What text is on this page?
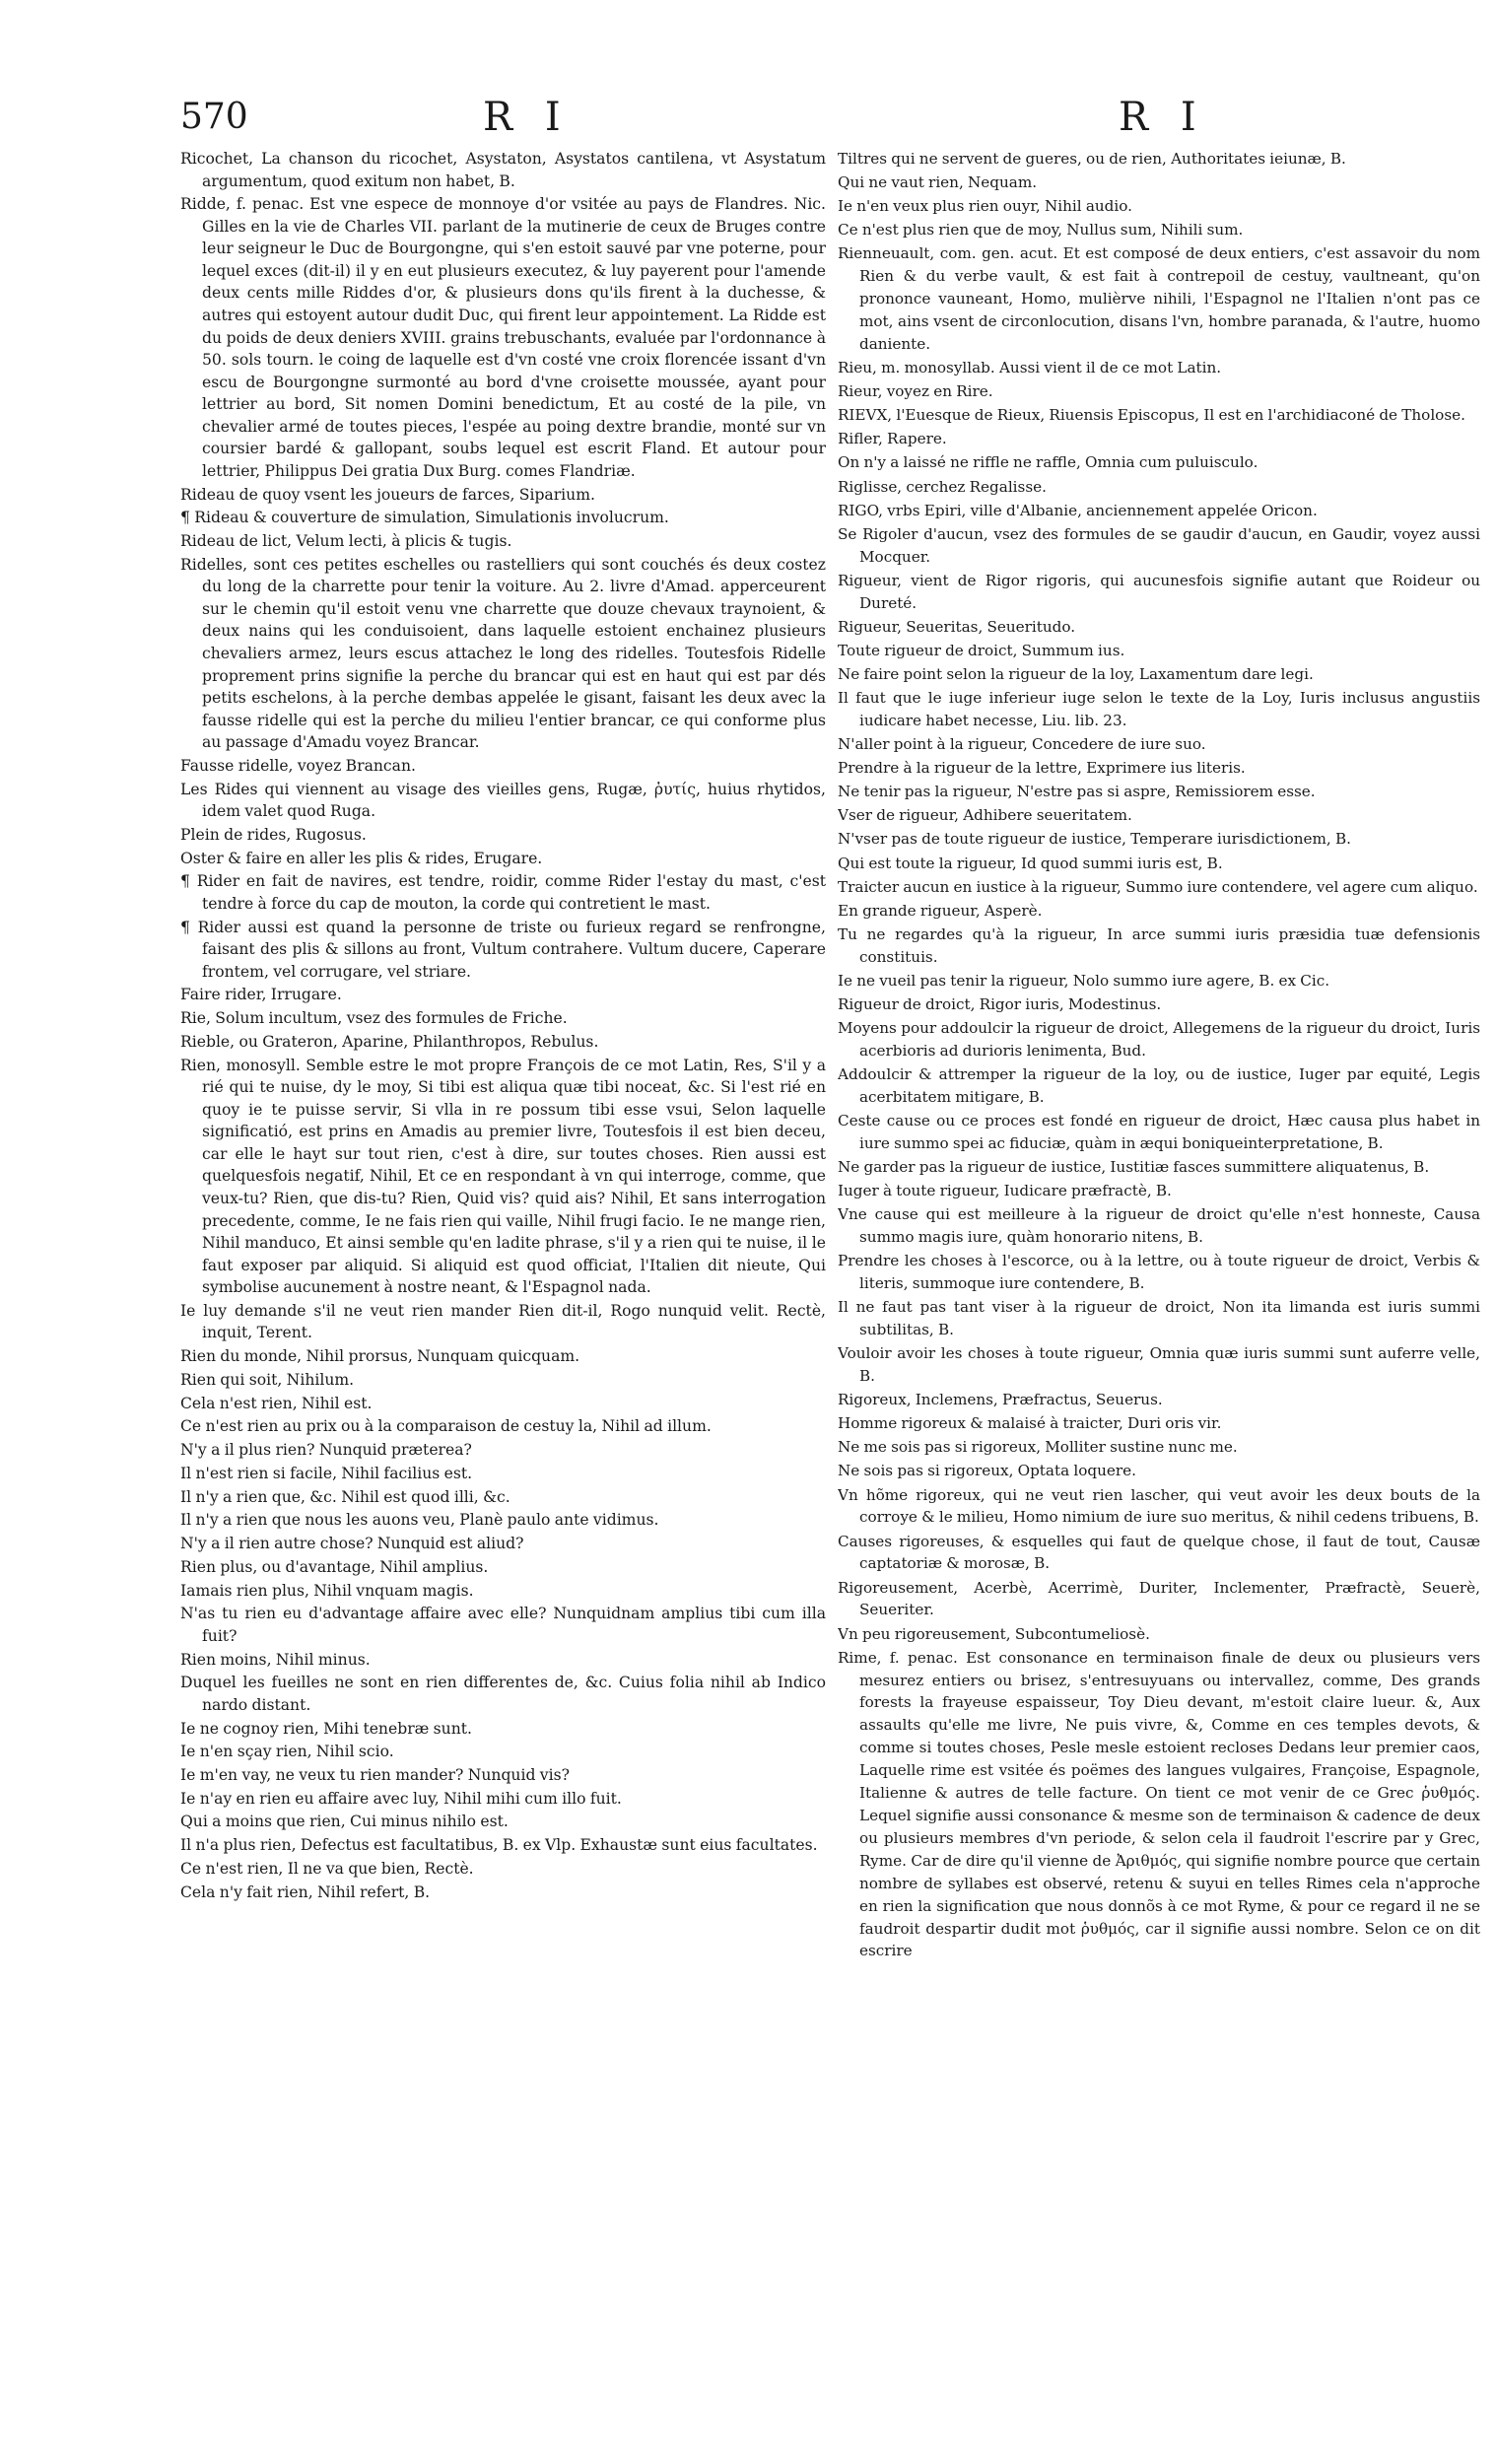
570	R I	R I

Ricochet, La chanson du ricochet, Asystaton, Asystatos cantilena, vt Asystatum argumentum, quod exitum non habet, B.

Ridde, f. penac. Est vne espece de monnoye d'or vsitée au pays de Flandres. Nic. Gilles en la vie de Charles VII. parlant de la mutinerie de ceux de Bruges contre leur seigneur le Duc de Bourgongne, qui s'en estoit sauvé par vne poterne, pour lequel exces (dit-il) il y en eut plusieurs executez, & luy payerent pour l'amende deux cents mille Riddes d'or, & plusieurs dons qu'ils firent à la duchesse, & autres qui estoyent autour dudit Duc, qui firent leur appointement. La Ridde est du poids de deux deniers XVIII. grains trebuschants, evaluée par l'ordonnance à 50. sols tourn. le coing de laquelle est d'vn costé vne croix florencée issant d'vn escu de Bourgongne surmonté au bord d'vne croisette moussée, ayant pour lettrier au bord, Sit nomen Domini benedictum, Et au costé de la pile, vn chevalier armé de toutes pieces, l'espée au poing dextre brandie, monté sur vn coursier bardé & gallopant, soubs lequel est escrit Fland. Et autour pour lettrier, Philippus Dei gratia Dux Burg. comes Flandriæ.

Rideau de quoy vsent les joueurs de farces, Siparium.

¶ Rideau & couverture de simulation, Simulationis involucrum.

Rideau de lict, Velum lecti, à plicis & tugis.

Ridelles, sont ces petites eschelles ou rastelliers qui sont couchés és deux costez du long de la charrette pour tenir la voiture. Au 2. livre d'Amad. apperceurent sur le chemin qu'il estoit venu vne charrette que douze chevaux traynoient, & deux nains qui les conduisoient, dans laquelle estoient enchainez plusieurs chevaliers armez, leurs escus attachez le long des ridelles. Toutesfois Ridelle proprement prins signifie la perche du brancar qui est en haut qui est par dés petits eschelons, à la perche dembas appelée le gisant, faisant les deux avec la fausse ridelle qui est la perche du milieu l'entier brancar, ce qui conforme plus au passage d'Amadu voyez Brancar.

Fausse ridelle, voyez Brancan.

Les Rides qui viennent au visage des vieilles gens, Rugæ, ῥυτίς, huius rhytidos, idem valet quod Ruga.

Plein de rides, Rugosus.

Oster & faire en aller les plis & rides, Erugare.

¶ Rider en fait de navires, est tendre, roidir, comme Rider l'estay du mast, c'est tendre à force du cap de mouton, la corde qui contretient le mast.

¶ Rider aussi est quand la personne de triste ou furieux regard se renfrongne, faisant des plis & sillons au front, Vultum contrahere. Vultum ducere, Caperare frontem, vel corrugare, vel striare.

Faire rider, Irrugare.

Rie, Solum incultum, vsez des formules de Friche.

Rieble, ou Grateron, Aparine, Philanthropos, Rebulus.

Rien, monosyll. Semble estre le mot propre François de ce mot Latin, Res, S'il y a rié qui te nuise, dy le moy, Si tibi est aliqua quæ tibi noceat, &c. Si l'est rié en quoy ie te puisse servir, Si vlla in re possum tibi esse vsui, Selon laquelle significatió, est prins en Amadis au premier livre, Toutesfois il est bien deceu, car elle le hayt sur tout rien, c'est à dire, sur toutes choses. Rien aussi est quelquesfois negatif, Nihil, Et ce en respondant à vn qui interroge, comme, que veux-tu? Rien, que dis-tu? Rien, Quid vis? quid ais? Nihil, Et sans interrogation precedente, comme, Ie ne fais rien qui vaille, Nihil frugi facio. Ie ne mange rien, Nihil manduco, Et ainsi semble qu'en ladite phrase, s'il y a rien qui te nuise, il le faut exposer par aliquid. Si aliquid est quod officiat, l'Italien dit nieute, Qui symbolise aucunement à nostre neant, & l'Espagnol nada.

Ie luy demande s'il ne veut rien mander Rien dit-il, Rogo nunquid velit. Rectè, inquit, Terent.

Rien du monde, Nihil prorsus, Nunquam quicquam.

Rien qui soit, Nihilum.

Cela n'est rien, Nihil est.

Ce n'est rien au prix ou à la comparaison de cestuy la, Nihil ad illum.

N'y a il plus rien? Nunquid præterea?

Il n'est rien si facile, Nihil facilius est.

Il n'y a rien que, &c. Nihil est quod illi, &c.

Il n'y a rien que nous les auons veu, Planè paulo ante vidimus.

N'y a il rien autre chose? Nunquid est aliud?

Rien plus, ou d'avantage, Nihil amplius.

Iamais rien plus, Nihil vnquam magis.

N'as tu rien eu d'advantage affaire avec elle? Nunquidnam amplius tibi cum illa fuit?

Rien moins, Nihil minus.

Duquel les fueilles ne sont en rien differentes de, &c. Cuius folia nihil ab Indico nardo distant.

Ie ne cognoy rien, Mihi tenebræ sunt.

Ie n'en sçay rien, Nihil scio.

Ie m'en vay, ne veux tu rien mander? Nunquid vis?

Ie n'ay en rien eu affaire avec luy, Nihil mihi cum illo fuit.

Qui a moins que rien, Cui minus nihilo est.

Il n'a plus rien, Defectus est facultatibus, B. ex Vlp. Exhaustæ sunt eius facultates.

Ce n'est rien, Il ne va que bien, Rectè.

Cela n'y fait rien, Nihil refert, B.

Tiltres qui ne servent de gueres, ou de rien, Authoritates ieiunæ, B.

Qui ne vaut rien, Nequam.

Ie n'en veux plus rien ouyr, Nihil audio.

Ce n'est plus rien que de moy, Nullus sum, Nihili sum.

Rienneuault, com. gen. acut. Et est composé de deux entiers, c'est assavoir du nom Rien & du verbe vault, & est fait à contrepoil de cestuy, vaultneant, qu'on prononce vauneant, Homo, mulièrve nihili, l'Espagnol ne l'Italien n'ont pas ce mot, ains vsent de circonlocution, disans l'vn, hombre paranada, & l'autre, huomo daniente.

Rieu, m. monosyllab. Aussi vient il de ce mot Latin.

Rieur, voyez en Rire.

RIEVX, l'Euesque de Rieux, Riuensis Episcopus, Il est en l'archidiaconé de Tholose.

Rifler, Rapere.

On n'y a laissé ne riffle ne raffle, Omnia cum puluisculo.

Riglisse, cerchez Regalisse.

RIGO, vrbs Epiri, ville d'Albanie, anciennement appelée Oricon.

Se Rigoler d'aucun, vsez des formules de se gaudir d'aucun, en Gaudir, voyez aussi Mocquer.

Rigueur, vient de Rigor rigoris, qui aucunesfois signifie autant que Roideur ou Dureté.

Rigueur, Seueritas, Seueritudo.

Toute rigueur de droict, Summum ius.

Ne faire point selon la rigueur de la loy, Laxamentum dare legi.

Il faut que le iuge inferieur iuge selon le texte de la Loy, Iuris inclusus angustiis iudicare habet necesse, Liu. lib. 23.

N'aller point à la rigueur, Concedere de iure suo.

Prendre à la rigueur de la lettre, Exprimere ius literis.

Ne tenir pas la rigueur, N'estre pas si aspre, Remissiorem esse.

Vser de rigueur, Adhibere seueritatem.

N'vser pas de toute rigueur de iustice, Temperare iurisdictionem, B.

Qui est toute la rigueur, Id quod summi iuris est, B.

Traicter aucun en iustice à la rigueur, Summo iure contendere, vel agere cum aliquo.

En grande rigueur, Asperè.

Tu ne regardes qu'à la rigueur, In arce summi iuris præsidia tuæ defensionis constituis.

Ie ne vueil pas tenir la rigueur, Nolo summo iure agere, B. ex Cic.

Rigueur de droict, Rigor iuris, Modestinus.

Moyens pour addoulcir la rigueur de droict, Allegemens de la rigueur du droict, Iuris acerbioris ad durioris lenimenta, Bud.

Addoulcir & attremper la rigueur de la loy, ou de iustice, Iuger par equité, Legis acerbitatem mitigare, B.

Ceste cause ou ce proces est fondé en rigueur de droict, Hæc causa plus habet in iure summo spei ac fiduciæ, quàm in æqui boniqueinterpretatione, B.

Ne garder pas la rigueur de iustice, Iustitiæ fasces summittere aliquatenus, B.

Iuger à toute rigueur, Iudicare præfractè, B.

Vne cause qui est meilleure à la rigueur de droict qu'elle n'est honneste, Causa summo magis iure, quàm honorario nitens, B.

Prendre les choses à l'escorce, ou à la lettre, ou à toute rigueur de droict, Verbis & literis, summoque iure contendere, B.

Il ne faut pas tant viser à la rigueur de droict, Non ita limanda est iuris summi subtilitas, B.

Vouloir avoir les choses à toute rigueur, Omnia quæ iuris summi sunt auferre velle, B.

Rigoreux, Inclemens, Præfractus, Seuerus.

Homme rigoreux & malaisé à traicter, Duri oris vir.

Ne me sois pas si rigoreux, Molliter sustine nunc me.

Ne sois pas si rigoreux, Optata loquere.

Vn hõme rigoreux, qui ne veut rien lascher, qui veut avoir les deux bouts de la corroye & le milieu, Homo nimium de iure suo meritus, & nihil cedens tribuens, B.

Causes rigoreuses, & esquelles qui faut de quelque chose, il faut de tout, Causæ captatoriæ & morosæ, B.

Rigoreusement, Acerbè, Acerrimè, Duriter, Inclementer, Præfractè, Seuerè, Seueriter.

Vn peu rigoreusement, Subcontumeliosè.

Rime, f. penac. Est consonance en terminaison finale de deux ou plusieurs vers mesurez entiers ou brisez, s'entresuyuans ou intervallez, comme, Des grands forests la frayeuse espaisseur, Toy Dieu devant, m'estoit claire lueur. &, Aux assaults qu'elle me livre, Ne puis vivre, &, Comme en ces temples devots, & comme si toutes choses, Pesle mesle estoient recloses Dedans leur premier caos, Laquelle rime est vsitée és poëmes des langues vulgaires, Françoise, Espagnole, Italienne & autres de telle facture. On tient ce mot venir de ce Grec ῥυθμός. Lequel signifie aussi consonance & mesme son de terminaison & cadence de deux ou plusieurs membres d'vn periode, & selon cela il faudroit l'escrire par y Grec, Ryme. Car de dire qu'il vienne de Ἀριθμός, qui signifie nombre pource que certain nombre de syllabes est observé, retenu & suyui en telles Rimes cela n'approche en rien la signification que nous donnõs à ce mot Ryme, & pour ce regard il ne se faudroit despartir dudit mot ῥυθμός, car il signifie aussi nombre. Selon ce on dit escrire
